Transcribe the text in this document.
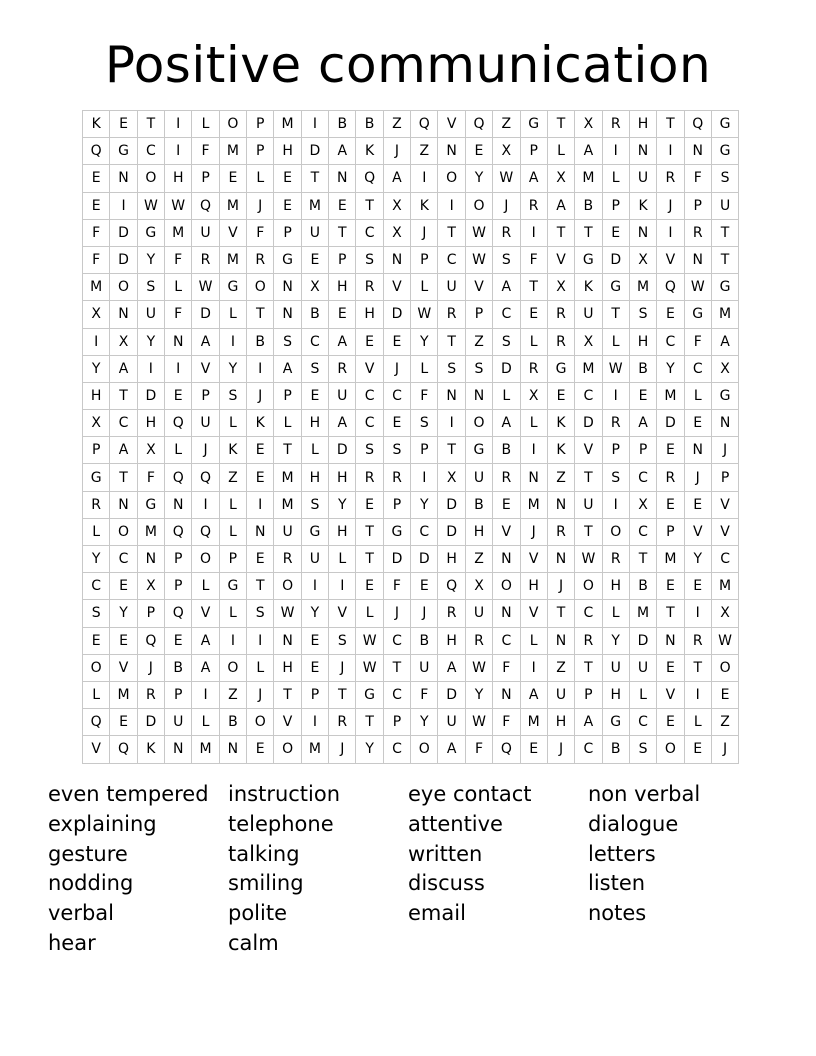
Positive communication
K	E	T	I	L	O	P	M	I	B	B	Z	Q	V	Q	Z	G	T	X	R	H	T	Q	G
Q	G	C	I	F	M	P	H	D	A	K	J	Z	N	E	X	P	L	A	I	N	I	N	G
E	N	O	H	P	E	L	E	T	N	Q	A	I	O	Y	W	A	X	M	L	U	R	F	S
E	I	W	W	Q	M	J	E	M	E	T	X	K	I	O	J	R	A	B	P	K	J	P	U
F	D	G	M	U	V	F	P	U	T	C	X	J	T	W	R	I	T	T	E	N	I	R	T
F	D	Y	F	R	M	R	G	E	P	S	N	P	C	W	S	F	V	G	D	X	V	N	T
M	O	S	L	W	G	O	N	X	H	R	V	L	U	V	A	T	X	K	G	M	Q	W	G
X	N	U	F	D	L	T	N	B	E	H	D	W	R	P	C	E	R	U	T	S	E	G	M
I	X	Y	N	A	I	B	S	C	A	E	E	Y	T	Z	S	L	R	X	L	H	C	F	A
Y	A	I	I	V	Y	I	A	S	R	V	J	L	S	S	D	R	G	M	W	B	Y	C	X
H	T	D	E	P	S	J	P	E	U	C	C	F	N	N	L	X	E	C	I	E	M	L	G
X	C	H	Q	U	L	K	L	H	A	C	E	S	I	O	A	L	K	D	R	A	D	E	N
P	A	X	L	J	K	E	T	L	D	S	S	P	T	G	B	I	K	V	P	P	E	N	J
G	T	F	Q	Q	Z	E	M	H	H	R	R	I	X	U	R	N	Z	T	S	C	R	J	P
R	N	G	N	I	L	I	M	S	Y	E	P	Y	D	B	E	M	N	U	I	X	E	E	V
L	O	M	Q	Q	L	N	U	G	H	T	G	C	D	H	V	J	R	T	O	C	P	V	V
Y	C	N	P	O	P	E	R	U	L	T	D	D	H	Z	N	V	N	W	R	T	M	Y	C
C	E	X	P	L	G	T	O	I	I	E	F	E	Q	X	O	H	J	O	H	B	E	E	M
S	Y	P	Q	V	L	S	W	Y	V	L	J	J	R	U	N	V	T	C	L	M	T	I	X
E	E	Q	E	A	I	I	N	E	S	W	C	B	H	R	C	L	N	R	Y	D	N	R	W
O	V	J	B	A	O	L	H	E	J	W	T	U	A	W	F	I	Z	T	U	U	E	T	O
L	M	R	P	I	Z	J	T	P	T	G	C	F	D	Y	N	A	U	P	H	L	V	I	E
Q	E	D	U	L	B	O	V	I	R	T	P	Y	U	W	F	M	H	A	G	C	E	L	Z
V	Q	K	N	M	N	E	O	M	J	Y	C	O	A	F	Q	E	J	C	B	S	O	E	J
even tempered
explaining
gesture
nodding
verbal
hear
instruction
telephone
talking
smiling
polite
calm
eye contact
attentive
written
discuss
email
non verbal
dialogue
letters
listen
notes
